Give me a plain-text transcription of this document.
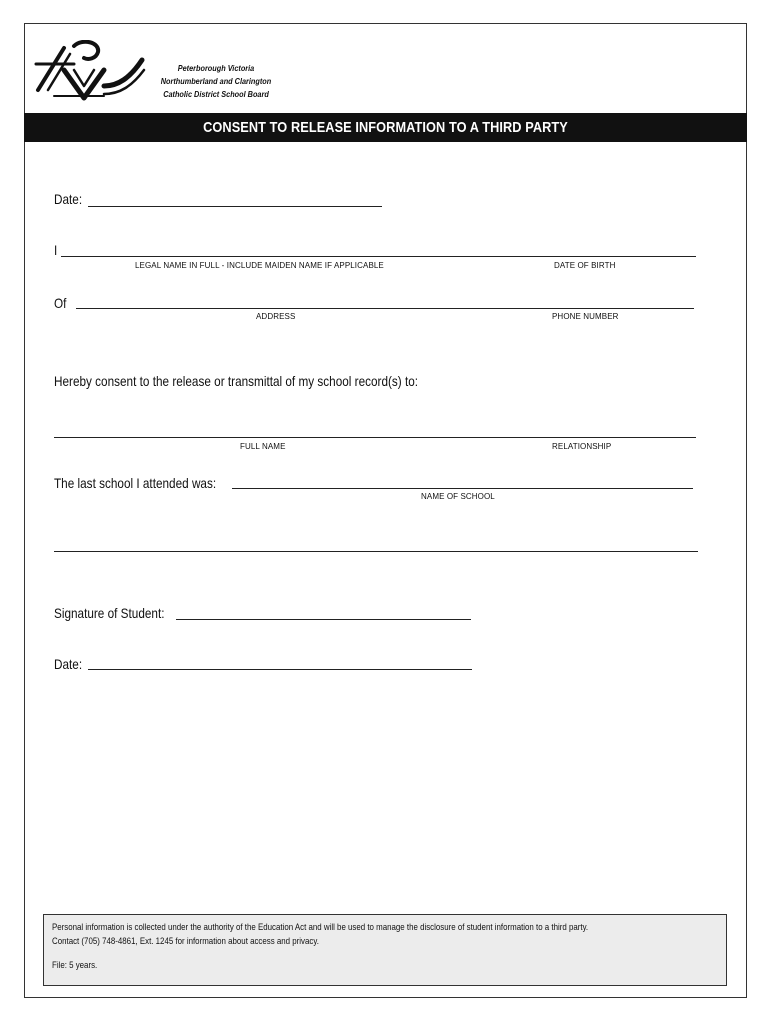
Peterborough Victoria
Northumberland and Clarington
Catholic District School Board
CONSENT TO RELEASE INFORMATION TO A THIRD PARTY
Date:
I
LEGAL NAME IN FULL - INCLUDE MAIDEN NAME IF APPLICABLE	DATE OF BIRTH
Of
ADDRESS	PHONE NUMBER
Hereby consent to the release or transmittal of my school record(s) to:
FULL NAME	RELATIONSHIP
The last school I attended was:
NAME OF SCHOOL
Signature of Student:
Date:
Personal information is collected under the authority of the Education Act and will be used to manage the disclosure of student information to a third party.
Contact (705) 748-4861, Ext. 1245 for information about access and privacy.
File: 5 years.
